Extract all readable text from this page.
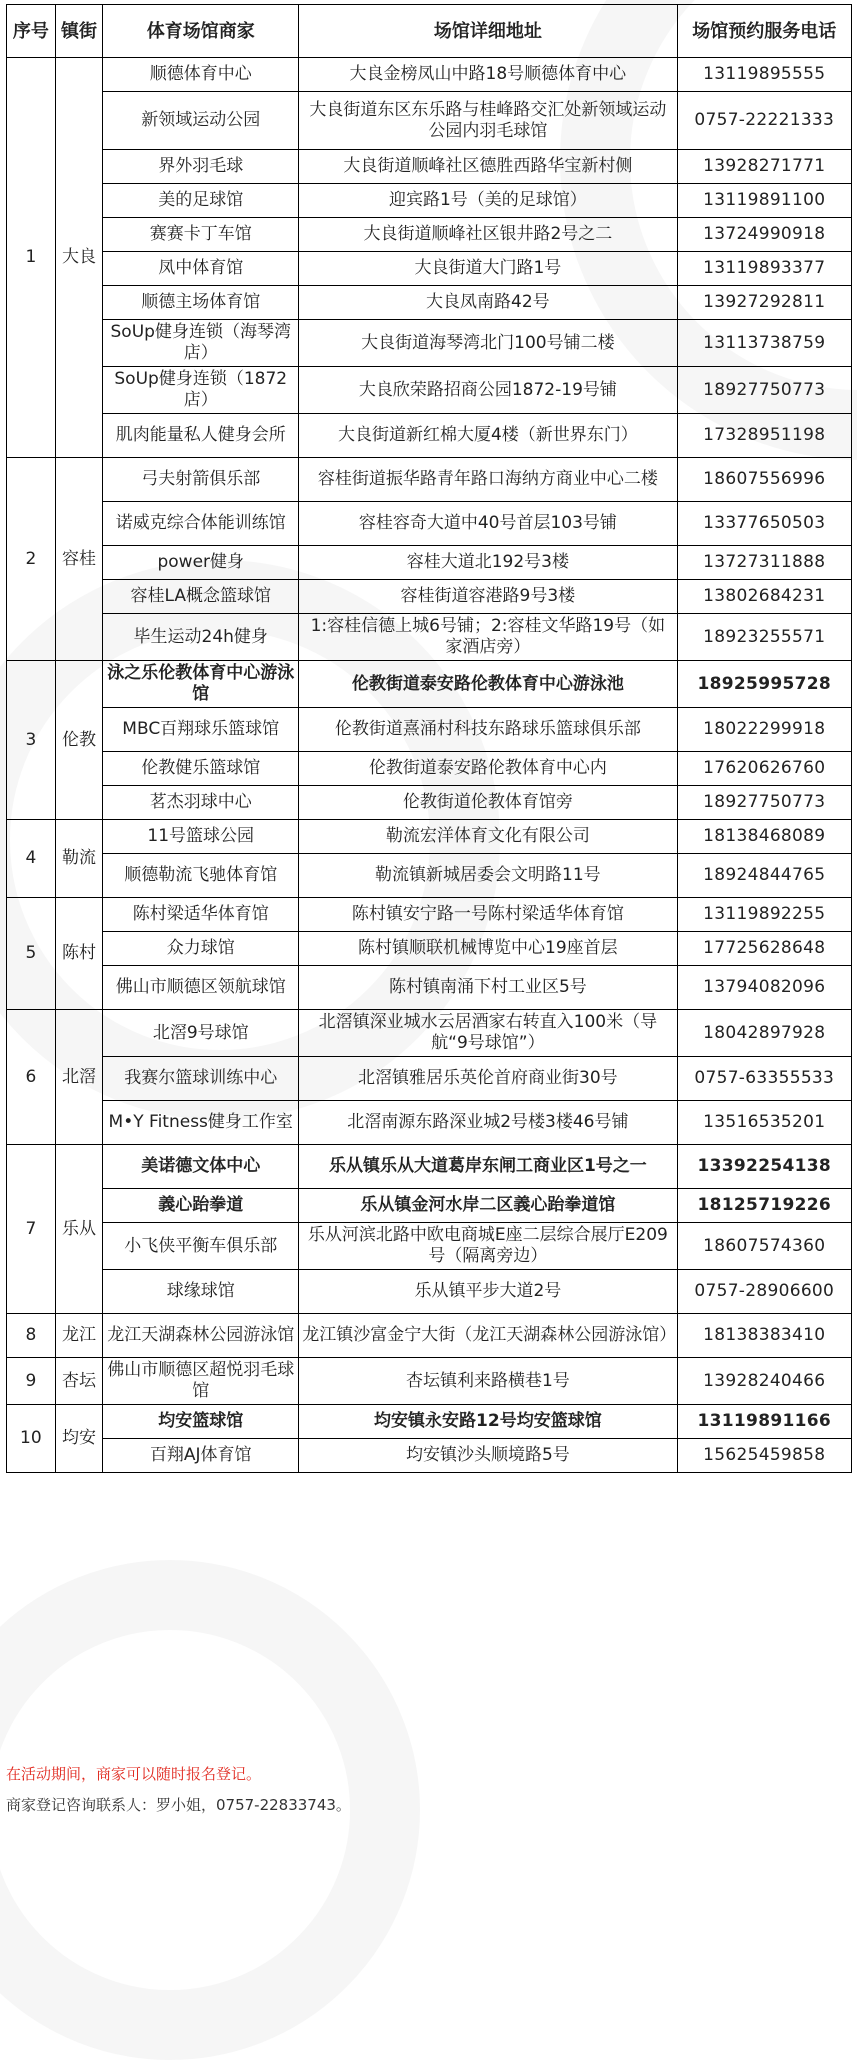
序号	镇街	体育场馆商家	场馆详细地址	场馆预约服务电话
1	大良	顺德体育中心	大良金榜凤山中路18号顺德体育中心	13119895555
		新领域运动公园	大良街道东区东乐路与桂峰路交汇处新领域运动公园内羽毛球馆	0757-22221333
		界外羽毛球	大良街道顺峰社区德胜西路华宝新村侧	13928271771
		美的足球馆	迎宾路1号（美的足球馆）	13119891100
		赛赛卡丁车馆	大良街道顺峰社区银井路2号之二	13724990918
		凤中体育馆	大良街道大门路1号	13119893377
		顺德主场体育馆	大良凤南路42号	13927292811
		SoUp健身连锁（海琴湾店）	大良街道海琴湾北门100号铺二楼	13113738759
		SoUp健身连锁（1872店）	大良欣荣路招商公园1872-19号铺	18927750773
		肌肉能量私人健身会所	大良街道新红棉大厦4楼（新世界东门）	17328951198
2	容桂	弓夫射箭俱乐部	容桂街道振华路青年路口海纳方商业中心二楼	18607556996
		诺威克综合体能训练馆	容桂容奇大道中40号首层103号铺	13377650503
		power健身	容桂大道北192号3楼	13727311888
		容桂LA概念篮球馆	容桂街道容港路9号3楼	13802684231
		毕生运动24h健身	1:容桂信德上城6号铺；2:容桂文华路19号（如家酒店旁）	18923255571
3	伦教	泳之乐伦教体育中心游泳馆	伦教街道泰安路伦教体育中心游泳池	18925995728
		MBC百翔球乐篮球馆	伦教街道熹涌村科技东路球乐篮球俱乐部	18022299918
		伦教健乐篮球馆	伦教街道泰安路伦教体育中心内	17620626760
		茗杰羽球中心	伦教街道伦教体育馆旁	18927750773
4	勒流	11号篮球公园	勒流宏洋体育文化有限公司	18138468089
		顺德勒流飞驰体育馆	勒流镇新城居委会文明路11号	18924844765
5	陈村	陈村梁适华体育馆	陈村镇安宁路一号陈村梁适华体育馆	13119892255
		众力球馆	陈村镇顺联机械博览中心19座首层	17725628648
		佛山市顺德区领航球馆	陈村镇南涌下村工业区5号	13794082096
6	北滘	北滘9号球馆	北滘镇深业城水云居酒家右转直入100米（导航“9号球馆”）	18042897928
		我赛尔篮球训练中心	北滘镇雅居乐英伦首府商业街30号	0757-63355533
		M•Y Fitness健身工作室	北滘南源东路深业城2号楼3楼46号铺	13516535201
7	乐从	美诺德文体中心	乐从镇乐从大道葛岸东闸工商业区1号之一	13392254138
		義心跆拳道	乐从镇金河水岸二区義心跆拳道馆	18125719226
		小飞侠平衡车俱乐部	乐从河滨北路中欧电商城E座二层综合展厅E209号（隔离旁边）	18607574360
		球缘球馆	乐从镇平步大道2号	0757-28906600
8	龙江	龙江天湖森林公园游泳馆	龙江镇沙富金宁大街（龙江天湖森林公园游泳馆）	18138383410
9	杏坛	佛山市顺德区超悦羽毛球馆	杏坛镇利来路横巷1号	13928240466
10	均安	均安篮球馆	均安镇永安路12号均安篮球馆	13119891166
		百翔AJ体育馆	均安镇沙头顺境路5号	15625459858
在活动期间，商家可以随时报名登记。
商家登记咨询联系人：罗小姐，0757-22833743。
